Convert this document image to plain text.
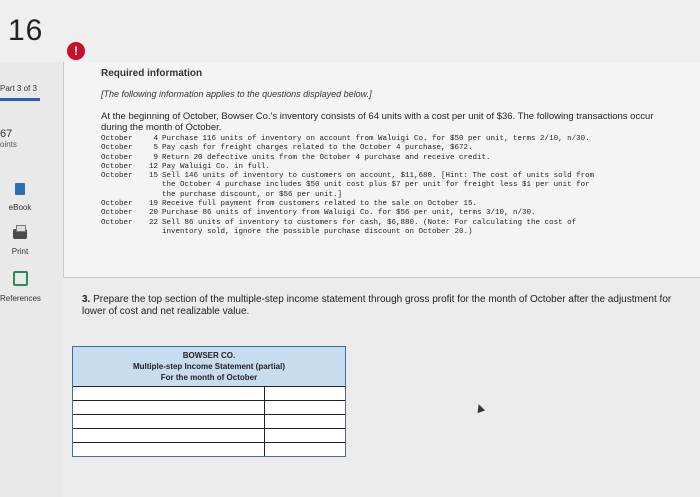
16
!
Part 3 of 3
67
oints
eBook
Print
References
Required information
[The following information applies to the questions displayed below.]
At the beginning of October, Bowser Co.'s inventory consists of 64 units with a cost per unit of $36. The following transactions occur during the month of October.
October	4 Purchase 116 units of inventory on account from Waluigi Co. for $50 per unit, terms 2/10, n/30.
October	5 Pay cash for freight charges related to the October 4 purchase, $672.
October	9 Return 20 defective units from the October 4 purchase and receive credit.
October	12 Pay Waluigi Co. in full.
October	15 Sell 146 units of inventory to customers on account, $11,680. [Hint: The cost of units sold from
the October 4 purchase includes $50 unit cost plus $7 per unit for freight less $1 per unit for
the purchase discount, or $56 per unit.]
October	19 Receive full payment from customers related to the sale on October 15.
October	20 Purchase 86 units of inventory from Waluigi Co. for $56 per unit, terms 3/10, n/30.
October	22 Sell 86 units of inventory to customers for cash, $6,880. (Note: For calculating the cost of
inventory sold, ignore the possible purchase discount on October 20.)
3. Prepare the top section of the multiple-step income statement through gross profit for the month of October after the adjustment for lower of cost and net realizable value.
BOWSER CO.
Multiple-step Income Statement (partial)
For the month of October
